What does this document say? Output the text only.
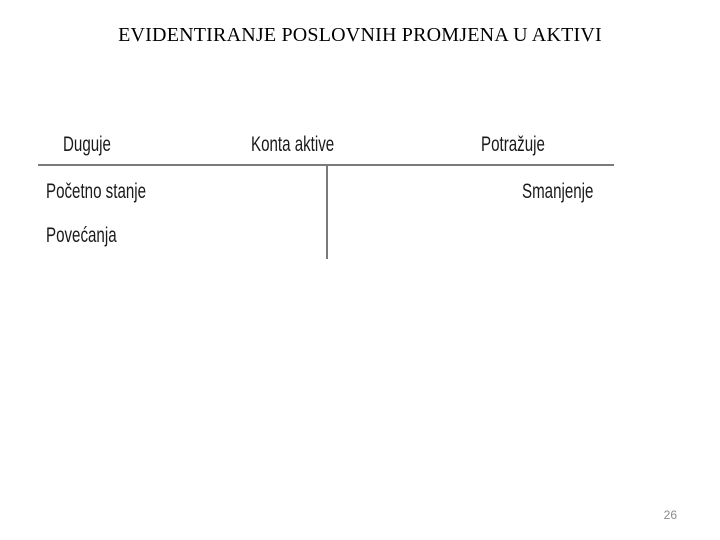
EVIDENTIRANJE POSLOVNIH PROMJENA U AKTIVI
Duguje	Konta aktive	Potražuje
Početno stanje
Povećanja
Smanjenje
26
